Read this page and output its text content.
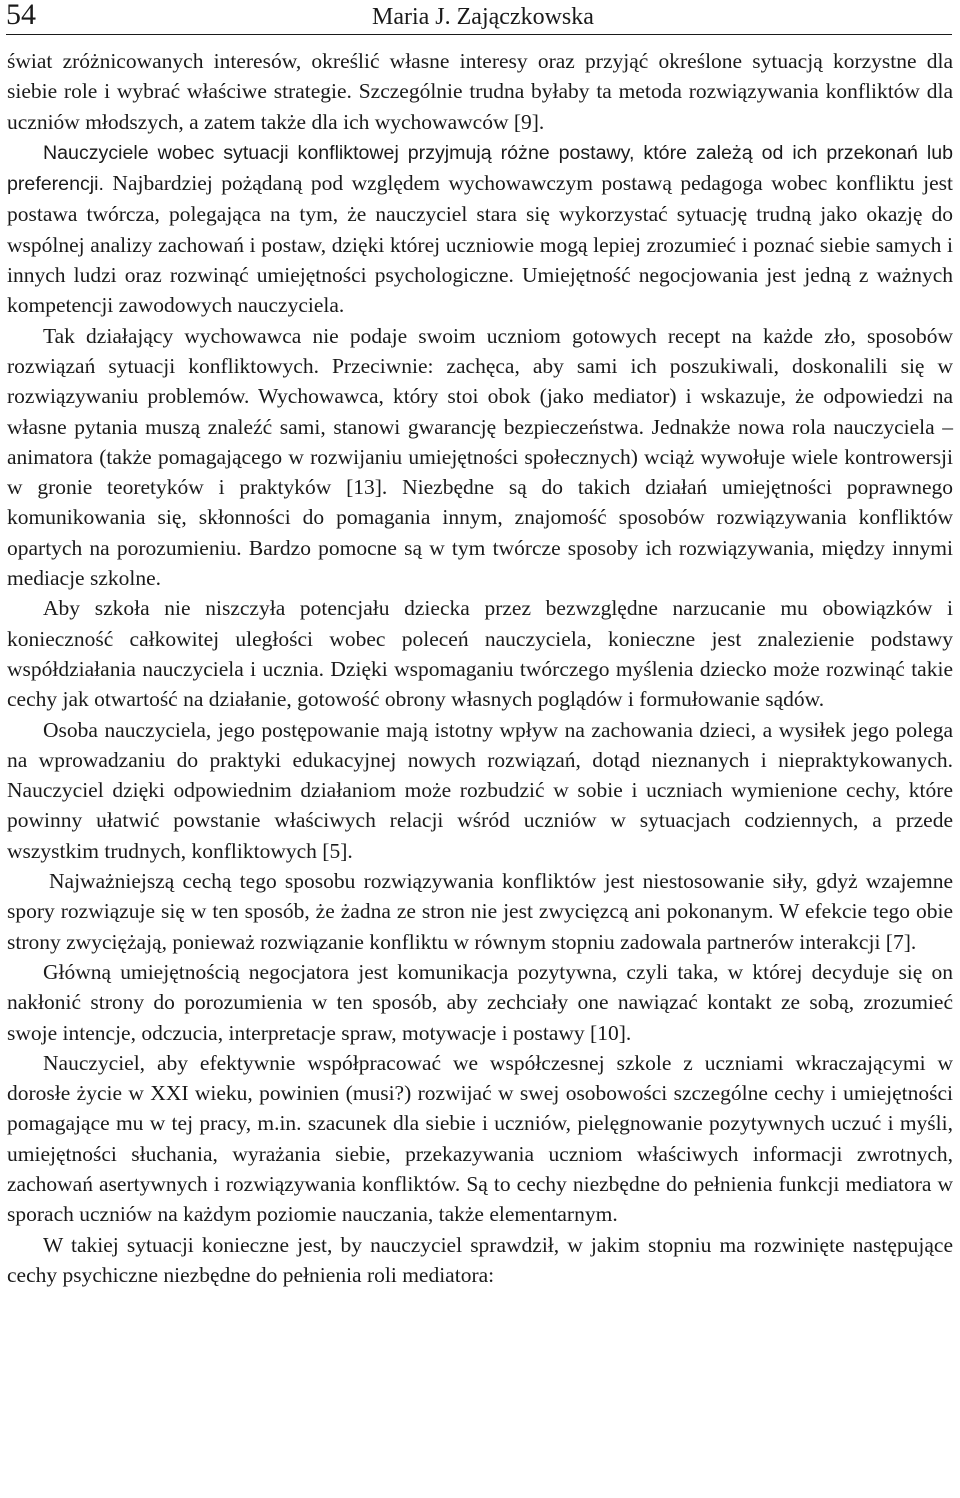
54	Maria J. Zajączkowska

świat zróżnicowanych interesów, określić własne interesy oraz przyjąć określone sytuacją korzystne dla siebie role i wybrać właściwe strategie. Szczególnie trudna byłaby ta metoda rozwiązywania konfliktów dla uczniów młodszych, a zatem także dla ich wychowawców [9].

Nauczyciele wobec sytuacji konfliktowej przyjmują różne postawy, które zależą od ich przekonań lub preferencji. Najbardziej pożądaną pod względem wychowawczym postawą pedagoga wobec konfliktu jest postawa twórcza, polegająca na tym, że nauczyciel stara się wykorzystać sytuację trudną jako okazję do wspólnej analizy zachowań i postaw, dzięki której uczniowie mogą lepiej zrozumieć i poznać siebie samych i innych ludzi oraz rozwinąć umiejętności psychologiczne. Umiejętność negocjowania jest jedną z ważnych kompetencji zawodowych nauczyciela.

Tak działający wychowawca nie podaje swoim uczniom gotowych recept na każde zło, sposobów rozwiązań sytuacji konfliktowych. Przeciwnie: zachęca, aby sami ich poszukiwali, doskonalili się w rozwiązywaniu problemów. Wychowawca, który stoi obok (jako mediator) i wskazuje, że odpowiedzi na własne pytania muszą znaleźć sami, stanowi gwarancję bezpieczeństwa. Jednakże nowa rola nauczyciela – animatora (także pomagającego w rozwijaniu umiejętności społecznych) wciąż wywołuje wiele kontrowersji w gronie teoretyków i praktyków [13]. Niezbędne są do takich działań umiejętności poprawnego komunikowania się, skłonności do pomagania innym, znajomość sposobów rozwiązywania konfliktów opartych na porozumieniu. Bardzo pomocne są w tym twórcze sposoby ich rozwiązywania, między innymi mediacje szkolne.

Aby szkoła nie niszczyła potencjału dziecka przez bezwzględne narzucanie mu obowiązków i konieczność całkowitej uległości wobec poleceń nauczyciela, konieczne jest znalezienie podstawy współdziałania nauczyciela i ucznia. Dzięki wspomaganiu twórczego myślenia dziecko może rozwinąć takie cechy jak otwartość na działanie, gotowość obrony własnych poglądów i formułowanie sądów.

Osoba nauczyciela, jego postępowanie mają istotny wpływ na zachowania dzieci, a wysiłek jego polega na wprowadzaniu do praktyki edukacyjnej nowych rozwiązań, dotąd nieznanych i niepraktykowanych. Nauczyciel dzięki odpowiednim działaniom może rozbudzić w sobie i uczniach wymienione cechy, które powinny ułatwić powstanie właściwych relacji wśród uczniów w sytuacjach codziennych, a przede wszystkim trudnych, konfliktowych [5].

Najważniejszą cechą tego sposobu rozwiązywania konfliktów jest niestosowanie siły, gdyż wzajemne spory rozwiązuje się w ten sposób, że żadna ze stron nie jest zwycięzcą ani pokonanym. W efekcie tego obie strony zwyciężają, ponieważ rozwiązanie konfliktu w równym stopniu zadowala partnerów interakcji [7].

Główną umiejętnością negocjatora jest komunikacja pozytywna, czyli taka, w której decyduje się on nakłonić strony do porozumienia w ten sposób, aby zechciały one nawiązać kontakt ze sobą, zrozumieć swoje intencje, odczucia, interpretacje spraw, motywacje i postawy [10].

Nauczyciel, aby efektywnie współpracować we współczesnej szkole z uczniami wkraczającymi w dorosłe życie w XXI wieku, powinien (musi?) rozwijać w swej osobowości szczególne cechy i umiejętności pomagające mu w tej pracy, m.in. szacunek dla siebie i uczniów, pielęgnowanie pozytywnych uczuć i myśli, umiejętności słuchania, wyrażania siebie, przekazywania uczniom właściwych informacji zwrotnych, zachowań asertywnych i rozwiązywania konfliktów. Są to cechy niezbędne do pełnienia funkcji mediatora w sporach uczniów na każdym poziomie nauczania, także elementarnym.

W takiej sytuacji konieczne jest, by nauczyciel sprawdził, w jakim stopniu ma rozwinięte następujące cechy psychiczne niezbędne do pełnienia roli mediatora:
